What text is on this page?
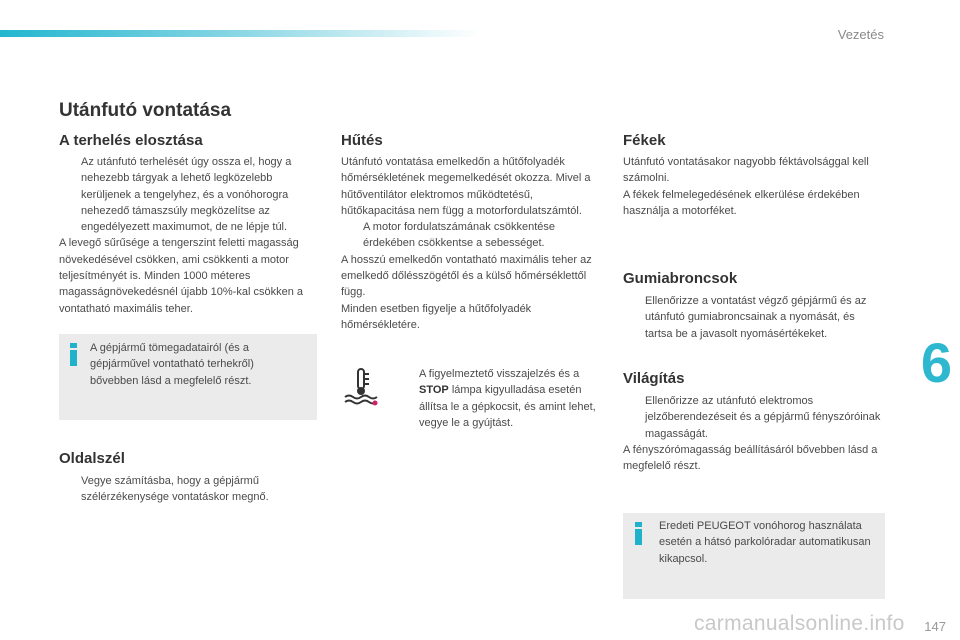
Vezetés
Utánfutó vontatása
A terhelés elosztása

Az utánfutó terhelését úgy ossza el, hogy a nehezebb tárgyak a lehető legközelebb kerüljenek a tengelyhez, és a vonóhorogra nehezedő támaszsúly megközelítse az engedélyezett maximumot, de ne lépje túl.

A levegő sűrűsége a tengerszint feletti magasság növekedésével csökken, ami csökkenti a motor teljesítményét is. Minden 1000 méteres magasságnövekedésnél újabb 10%-kal csökken a vontatható maximális teher.

A gépjármű tömegadatairól (és a gépjárművel vontatható terhekről) bővebben lásd a megfelelő részt.
Oldalszél

Vegye számításba, hogy a gépjármű szélérzékenysége vontatáskor megnő.

Hűtés

Utánfutó vontatása emelkedőn a hűtőfolyadék hőmérsékletének megemelkedését okozza. Mivel a hűtőventilátor elektromos működtetésű, hűtőkapacitása nem függ a motorfordulatszámtól.

A motor fordulatszámának csökkentése érdekében csökkentse a sebességet.

A hosszú emelkedőn vontatható maximális teher az emelkedő dőlésszögétől és a külső hőmérséklettől függ.

Minden esetben figyelje a hűtőfolyadék hőmérsékletére.

A figyelmeztető visszajelzés és a STOP lámpa kigyulladása esetén állítsa le a gépkocsit, és amint lehet, vegye le a gyújtást.

Fékek

Utánfutó vontatásakor nagyobb féktávolsággal kell számolni.

A fékek felmelegedésének elkerülése érdekében használja a motorféket.

Gumiabroncsok

Ellenőrizze a vontatást végző gépjármű és az utánfutó gumiabroncsainak a nyomását, és tartsa be a javasolt nyomásértékeket.

Világítás

Ellenőrizze az utánfutó elektromos jelzőberendezéseit és a gépjármű fényszóróinak magasságát.

A fényszórómagasság beállításáról bővebben lásd a megfelelő részt.

Eredeti PEUGEOT vonóhorog használata esetén a hátsó parkolóradar automatikusan kikapcsol.
6
147
carmanualsonline.info
